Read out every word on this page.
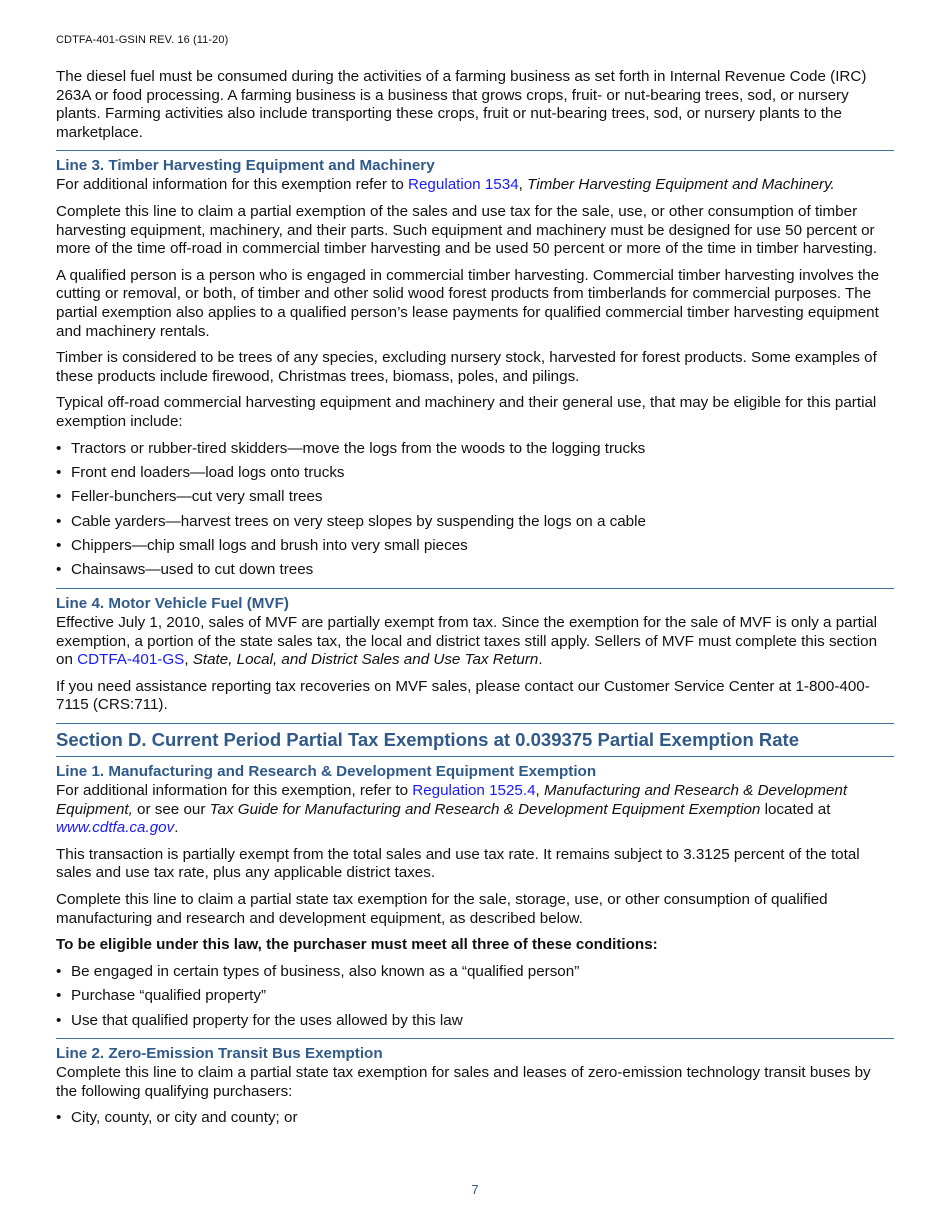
CDTFA-401-GSIN REV. 16 (11-20)

The diesel fuel must be consumed during the activities of a farming business as set forth in Internal Revenue Code (IRC) 263A or food processing. A farming business is a business that grows crops, fruit- or nut-bearing trees, sod, or nursery plants. Farming activities also include transporting these crops, fruit or nut-bearing trees, sod, or nursery plants to the marketplace.

Line 3. Timber Harvesting Equipment and Machinery

For additional information for this exemption refer to Regulation 1534, Timber Harvesting Equipment and Machinery.

Complete this line to claim a partial exemption of the sales and use tax for the sale, use, or other consumption of timber harvesting equipment, machinery, and their parts. Such equipment and machinery must be designed for use 50 percent or more of the time off-road in commercial timber harvesting and be used 50 percent or more of the time in timber harvesting.

A qualified person is a person who is engaged in commercial timber harvesting. Commercial timber harvesting involves the cutting or removal, or both, of timber and other solid wood forest products from timberlands for commercial purposes. The partial exemption also applies to a qualified person’s lease payments for qualified commercial timber harvesting equipment and machinery rentals.

Timber is considered to be trees of any species, excluding nursery stock, harvested for forest products. Some examples of these products include firewood, Christmas trees, biomass, poles, and pilings.

Typical off-road commercial harvesting equipment and machinery and their general use, that may be eligible for this partial exemption include:

• Tractors or rubber-tired skidders—move the logs from the woods to the logging trucks
• Front end loaders—load logs onto trucks
• Feller-bunchers—cut very small trees
• Cable yarders—harvest trees on very steep slopes by suspending the logs on a cable
• Chippers—chip small logs and brush into very small pieces
• Chainsaws—used to cut down trees
Line 4. Motor Vehicle Fuel (MVF)

Effective July 1, 2010, sales of MVF are partially exempt from tax. Since the exemption for the sale of MVF is only a partial exemption, a portion of the state sales tax, the local and district taxes still apply. Sellers of MVF must complete this section on CDTFA-401-GS, State, Local, and District Sales and Use Tax Return.

If you need assistance reporting tax recoveries on MVF sales, please contact our Customer Service Center at 1-800-400-7115 (CRS:711).

Section D. Current Period Partial Tax Exemptions at 0.039375 Partial Exemption Rate
Line 1. Manufacturing and Research & Development Equipment Exemption

For additional information for this exemption, refer to Regulation 1525.4, Manufacturing and Research & Development Equipment, or see our Tax Guide for Manufacturing and Research & Development Equipment Exemption located at www.cdtfa.ca.gov.

This transaction is partially exempt from the total sales and use tax rate. It remains subject to 3.3125 percent of the total sales and use tax rate, plus any applicable district taxes.

Complete this line to claim a partial state tax exemption for the sale, storage, use, or other consumption of qualified manufacturing and research and development equipment, as described below.

To be eligible under this law, the purchaser must meet all three of these conditions:

• Be engaged in certain types of business, also known as a “qualified person”
• Purchase “qualified property”
• Use that qualified property for the uses allowed by this law
Line 2. Zero-Emission Transit Bus Exemption

Complete this line to claim a partial state tax exemption for sales and leases of zero-emission technology transit buses by the following qualifying purchasers:

• City, county, or city and county; or
7
